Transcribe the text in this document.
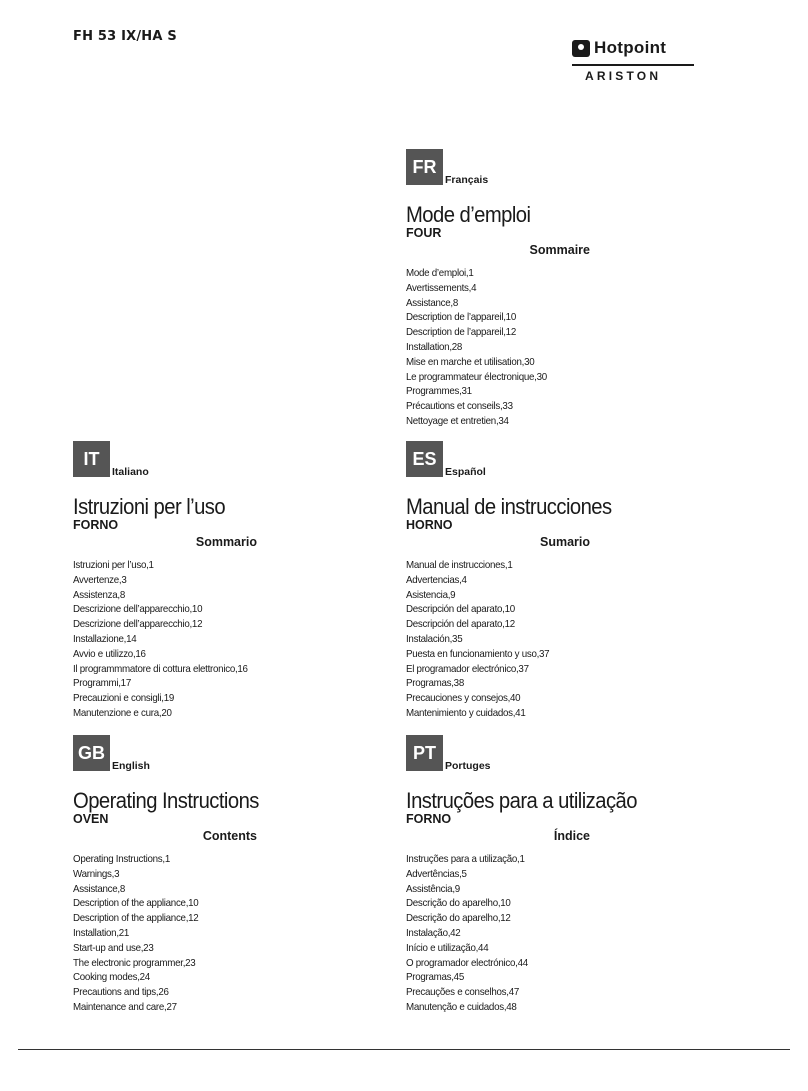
FH 53 IX/HA S
Hotpoint
ARISTON
FR
Français
Mode d’emploi
FOUR
Sommaire
Mode d’emploi,1
Avertissements,4
Assistance,8
Description de l’appareil,10
Description de l’appareil,12
Installation,28
Mise en marche et utilisation,30
Le programmateur électronique,30
Programmes,31
Précautions et conseils,33
Nettoyage et entretien,34
IT
Italiano
Istruzioni per l’uso
FORNO
Sommario
Istruzioni per l’uso,1
Avvertenze,3
Assistenza,8
Descrizione dell’apparecchio,10
Descrizione dell’apparecchio,12
Installazione,14
Avvio e utilizzo,16
Il programmmatore di cottura elettronico,16
Programmi,17
Precauzioni e consigli,19
Manutenzione e cura,20
ES
Español
Manual de instrucciones
HORNO
Sumario
Manual de instrucciones,1
Advertencias,4
Asistencia,9
Descripción del aparato,10
Descripción del aparato,12
Instalación,35
Puesta en funcionamiento y uso,37
El programador electrónico,37
Programas,38
Precauciones y consejos,40
Mantenimiento y cuidados,41
GB
English
Operating Instructions
OVEN
Contents
Operating Instructions,1
Warnings,3
Assistance,8
Description of the appliance,10
Description of the appliance,12
Installation,21
Start-up and use,23
The electronic programmer,23
Cooking modes,24
Precautions and tips,26
Maintenance and care,27
PT
Portuges
Instruções para a utilização
FORNO
Índice
Instruções para a utilização,1
Advertências,5
Assistência,9
Descrição do aparelho,10
Descrição do aparelho,12
Instalação,42
Início e utilização,44
O programador electrónico,44
Programas,45
Precauções e conselhos,47
Manutenção e cuidados,48
